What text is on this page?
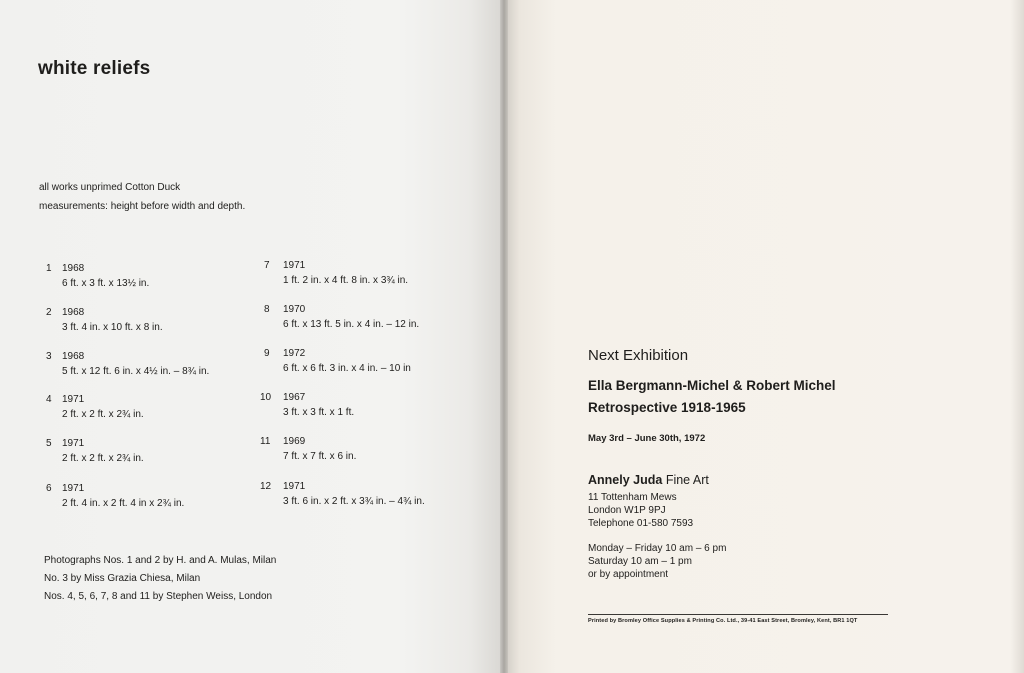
white reliefs
all works unprimed Cotton Duck
measurements: height before width and depth.
1	1968
6 ft. x 3 ft. x 13½ in.
2	1968
3 ft. 4 in. x 10 ft. x 8 in.
3	1968
5 ft. x 12 ft. 6 in. x 4½ in. – 8¾ in.
4	1971
2 ft. x 2 ft. x 2¾ in.
5	1971
2 ft. x 2 ft. x 2¾ in.
6	1971
2 ft. 4 in. x 2 ft. 4 in x 2¾ in.
7	1971
1 ft. 2 in. x 4 ft. 8 in. x 3¾ in.
8	1970
6 ft. x 13 ft. 5 in. x 4 in. – 12 in.
9	1972
6 ft. x 6 ft. 3 in. x 4 in. – 10 in
10 1967
3 ft. x 3 ft. x 1 ft.
11	1969
7 ft. x 7 ft. x 6 in.
12 1971
3 ft. 6 in. x 2 ft. x 3¾ in. – 4¾ in.
Photographs Nos. 1 and 2 by H. and A. Mulas, Milan
No. 3 by Miss Grazia Chiesa, Milan
Nos. 4, 5, 6, 7, 8 and 11 by Stephen Weiss, London
Next Exhibition
Ella Bergmann-Michel & Robert Michel
Retrospective 1918-1965
May 3rd – June 30th, 1972
Annely Juda Fine Art
11 Tottenham Mews
London W1P 9PJ
Telephone 01-580 7593
Monday – Friday 10 am – 6 pm
Saturday 10 am – 1 pm
or by appointment
Printed by Bromley Office Supplies & Printing Co. Ltd., 39-41 East Street, Bromley, Kent, BR1 1QT
